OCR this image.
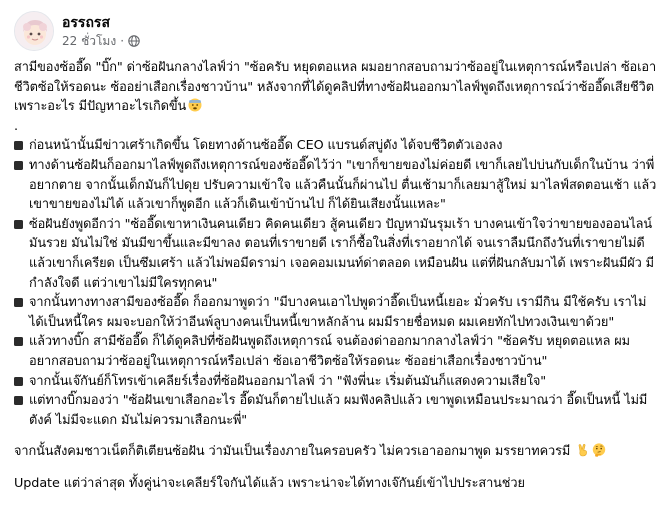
อรรถรส
22 ชั่วโมง ·

สามีของซ้ออี๊ด "บิ๊ก" ด่าซ้อฝันกลางไลฟ์ว่า "ซ้อครับ หยุดตอแหล ผมอยากสอบถามว่าซ้ออยู่ในเหตุการณ์หรือเปล่า ซ้อเอาชีวิตซ้อให้รอดนะ ซ้ออย่าเสือกเรื่องชาวบ้าน" หลังจากที่ได้ดูคลิปที่ทางซ้อฝันออกมาไลฟ์พูดถึงเหตุการณ์ว่าซ้ออี๊ดเสียชีวิตเพราะอะไร มีปัญหาอะไรเกิดขึ้น

.

ก่อนหน้านั้นมีข่าวเศร้าเกิดขึ้น โดยทางด้านซ้ออี๊ด CEO แบรนด์สบู่ดัง ได้จบชีวิตตัวเองลง
ทางด้านซ้อฝันก็ออกมาไลฟ์พูดถึงเหตุการณ์ของซ้ออี๊ดไว้ว่า "เขาก็ขายของไม่ค่อยดี เขาก็เลยไปบ่นกับเด็กในบ้าน ว่าพี่อยากตาย จากนั้นเด็กมันก็ไปดุย ปรับความเข้าใจ แล้วคืนนั้นก็ผ่านไป ตื่นเช้ามาก็เลยมาสู้ใหม่ มาไลฟ์สดตอนเช้า แล้วเขาขายของไม่ได้ แล้วเขาก็พูดอีก แล้วก็เดินเข้าบ้านไป ก็ได้ยินเสียงนั้นแหละ"
ซ้อฝันยังพูดอีกว่า "ซ้ออี๊ดเขาหาเงินคนเดียว คิดคนเดียว สู้คนเดียว ปัญหามันรุมเร้า บางคนเข้าใจว่าขายของออนไลน์มันรวย มันไม่ใช่ มันมีขาขึ้นและมีขาลง ตอนที่เราขายดี เราก็ซื้อในสิ่งที่เราอยากได้ จนเราลืมนึกถึงวันที่เราขายไม่ดี แล้วเขาก็เครียด เป็นซึมเศร้า แล้วไม่พอมีดราม่า เจอคอมเมนท์ด่าตลอด เหมือนฝัน แต่ที่ฝันกลับมาได้ เพราะฝันมีผัว มีกำลังใจดี แต่ว่าเขาไม่มีใครทุกคน"
จากนั้นทางทางสามีของซ้ออี๊ด ก็ออกมาพูดว่า "มีบางคนเอาไปพูดว่าอี๊ดเป็นหนี้เยอะ มั่วครับ เรามีกิน มีใช้ครับ เราไม่ได้เป็นหนี้ใคร ผมจะบอกให้ว่าอีนพ์ลูบางคนเป็นหนี้เขาหลักล้าน ผมมีรายชื่อหมด ผมเคยทักไปทวงเงินเขาด้วย"
แล้วทางบิ๊ก สามีซ้ออี๊ด ก็ได้ดูคลิปที่ซ้อฝันพูดถึงเหตุการณ์ จนต้องด่าออกมากลางไลฟ์ว่า "ซ้อครับ หยุดตอแหล ผมอยากสอบถามว่าซ้ออยู่ในเหตุการณ์หรือเปล่า ซ้อเอาชีวิตซ้อให้รอดนะ ซ้ออย่าเสือกเรื่องชาวบ้าน"
จากนั้นเจ๊กันย์ก็โทรเข้าเคลียร์เรื่องที่ซ้อฝันออกมาไลฟ์ ว่า "ฟังพี่นะ เริ่มต้นมันก็แสดงความเสียใจ"
แต่ทางบิ๊กมองว่า "ซ้อฝันเขาเสือกอะไร อี๊ดมันก็ตายไปแล้ว ผมฟังคลิปแล้ว เขาพูดเหมือนประมาณว่า อี๊ดเป็นหนี้ ไม่มีตังค์ ไม่มีจะแดก มันไม่ควรมาเสือกนะพี่"

จากนั้นสังคมชาวเน็ตก็ติเตียนซ้อฝัน ว่ามันเป็นเรื่องภายในครอบครัว ไม่ควรเอาออกมาพูด มรรยาทควรมี

Update แต่ว่าล่าสุด ทั้งคู่น่าจะเคลียร์ใจกันได้แล้ว เพราะน่าจะได้ทางเจ๊กันย์เข้าไปประสานช่วย
